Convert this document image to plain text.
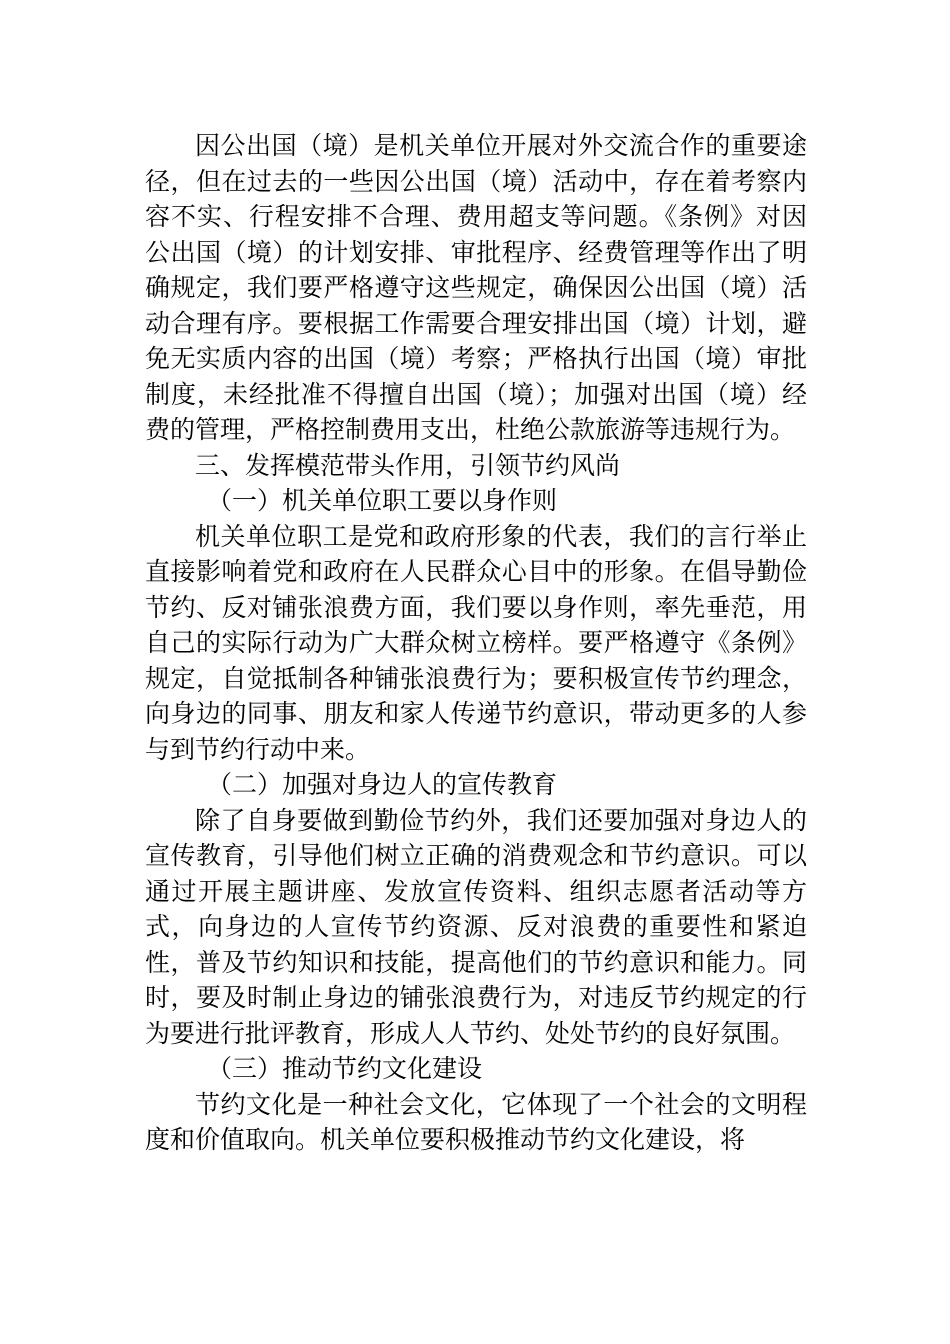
因公出国（境）是机关单位开展对外交流合作的重要途径，但在过去的一些因公出国（境）活动中，存在着考察内容不实、行程安排不合理、费用超支等问题。《条例》对因公出国（境）的计划安排、审批程序、经费管理等作出了明确规定，我们要严格遵守这些规定，确保因公出国（境）活动合理有序。要根据工作需要合理安排出国（境）计划，避免无实质内容的出国（境）考察；严格执行出国（境）审批制度，未经批准不得擅自出国（境）；加强对出国（境）经费的管理，严格控制费用支出，杜绝公款旅游等违规行为。

三、发挥模范带头作用，引领节约风尚

（一）机关单位职工要以身作则

机关单位职工是党和政府形象的代表，我们的言行举止直接影响着党和政府在人民群众心目中的形象。在倡导勤俭节约、反对铺张浪费方面，我们要以身作则，率先垂范，用自己的实际行动为广大群众树立榜样。要严格遵守《条例》规定，自觉抵制各种铺张浪费行为；要积极宣传节约理念，向身边的同事、朋友和家人传递节约意识，带动更多的人参与到节约行动中来。

（二）加强对身边人的宣传教育

除了自身要做到勤俭节约外，我们还要加强对身边人的宣传教育，引导他们树立正确的消费观念和节约意识。可以通过开展主题讲座、发放宣传资料、组织志愿者活动等方式，向身边的人宣传节约资源、反对浪费的重要性和紧迫性，普及节约知识和技能，提高他们的节约意识和能力。同时，要及时制止身边的铺张浪费行为，对违反节约规定的行为要进行批评教育，形成人人节约、处处节约的良好氛围。

（三）推动节约文化建设

节约文化是一种社会文化，它体现了一个社会的文明程度和价值取向。机关单位要积极推动节约文化建设，将
